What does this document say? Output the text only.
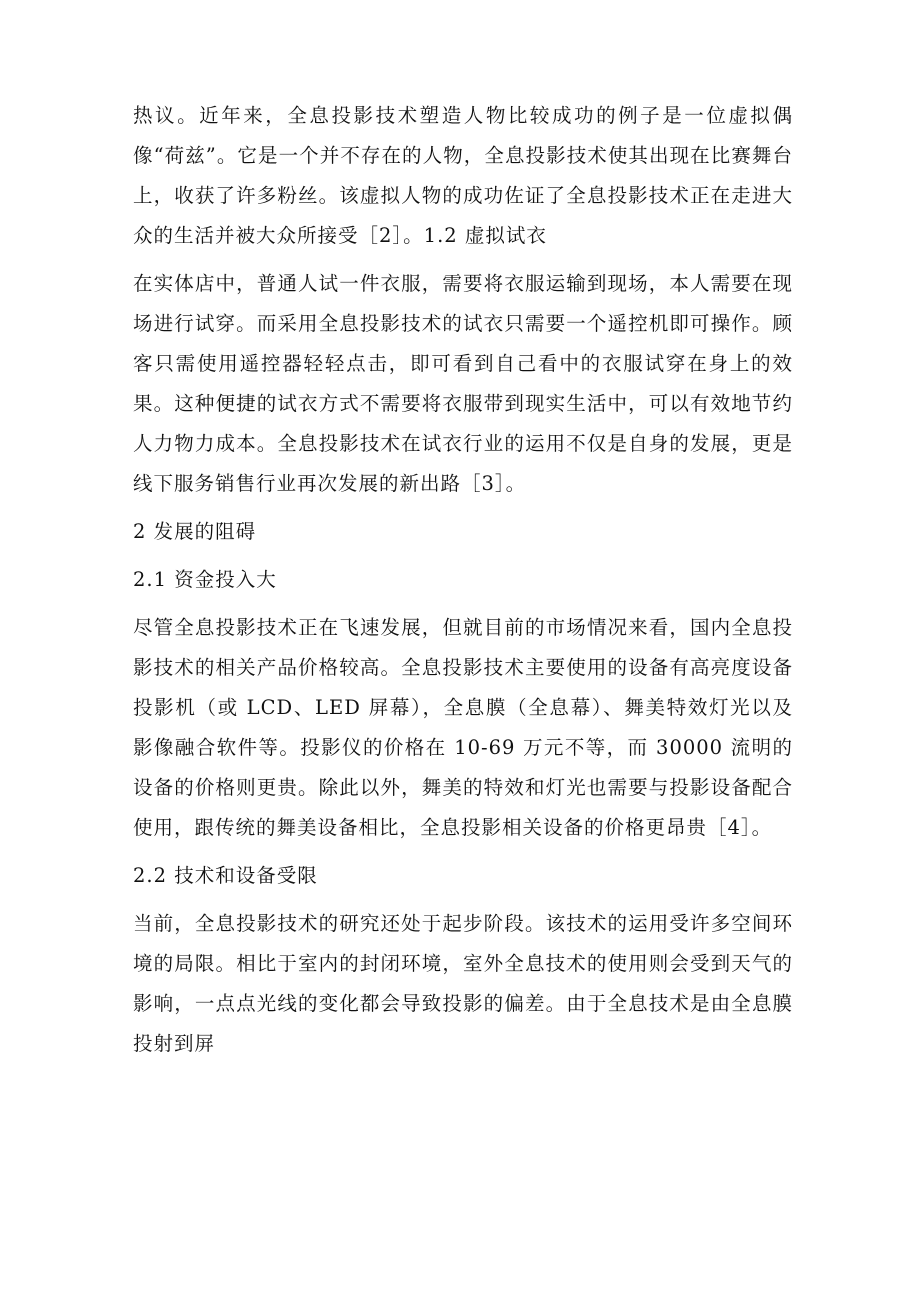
热议。近年来，全息投影技术塑造人物比较成功的例子是一位虚拟偶像“荷兹”。它是一个并不存在的人物，全息投影技术使其出现在比赛舞台上，收获了许多粉丝。该虚拟人物的成功佐证了全息投影技术正在走进大众的生活并被大众所接受［2］。1.2 虚拟试衣

在实体店中，普通人试一件衣服，需要将衣服运输到现场，本人需要在现场进行试穿。而采用全息投影技术的试衣只需要一个遥控机即可操作。顾客只需使用遥控器轻轻点击，即可看到自己看中的衣服试穿在身上的效果。这种便捷的试衣方式不需要将衣服带到现实生活中，可以有效地节约人力物力成本。全息投影技术在试衣行业的运用不仅是自身的发展，更是线下服务销售行业再次发展的新出路［3］。

2 发展的阻碍

2.1 资金投入大

尽管全息投影技术正在飞速发展，但就目前的市场情况来看，国内全息投影技术的相关产品价格较高。全息投影技术主要使用的设备有高亮度设备投影机（或 LCD、LED 屏幕），全息膜（全息幕）、舞美特效灯光以及影像融合软件等。投影仪的价格在 10-69 万元不等，而 30000 流明的设备的价格则更贵。除此以外，舞美的特效和灯光也需要与投影设备配合使用，跟传统的舞美设备相比，全息投影相关设备的价格更昂贵［4］。

2.2 技术和设备受限

当前，全息投影技术的研究还处于起步阶段。该技术的运用受许多空间环境的局限。相比于室内的封闭环境，室外全息技术的使用则会受到天气的影响，一点点光线的变化都会导致投影的偏差。由于全息技术是由全息膜投射到屏
